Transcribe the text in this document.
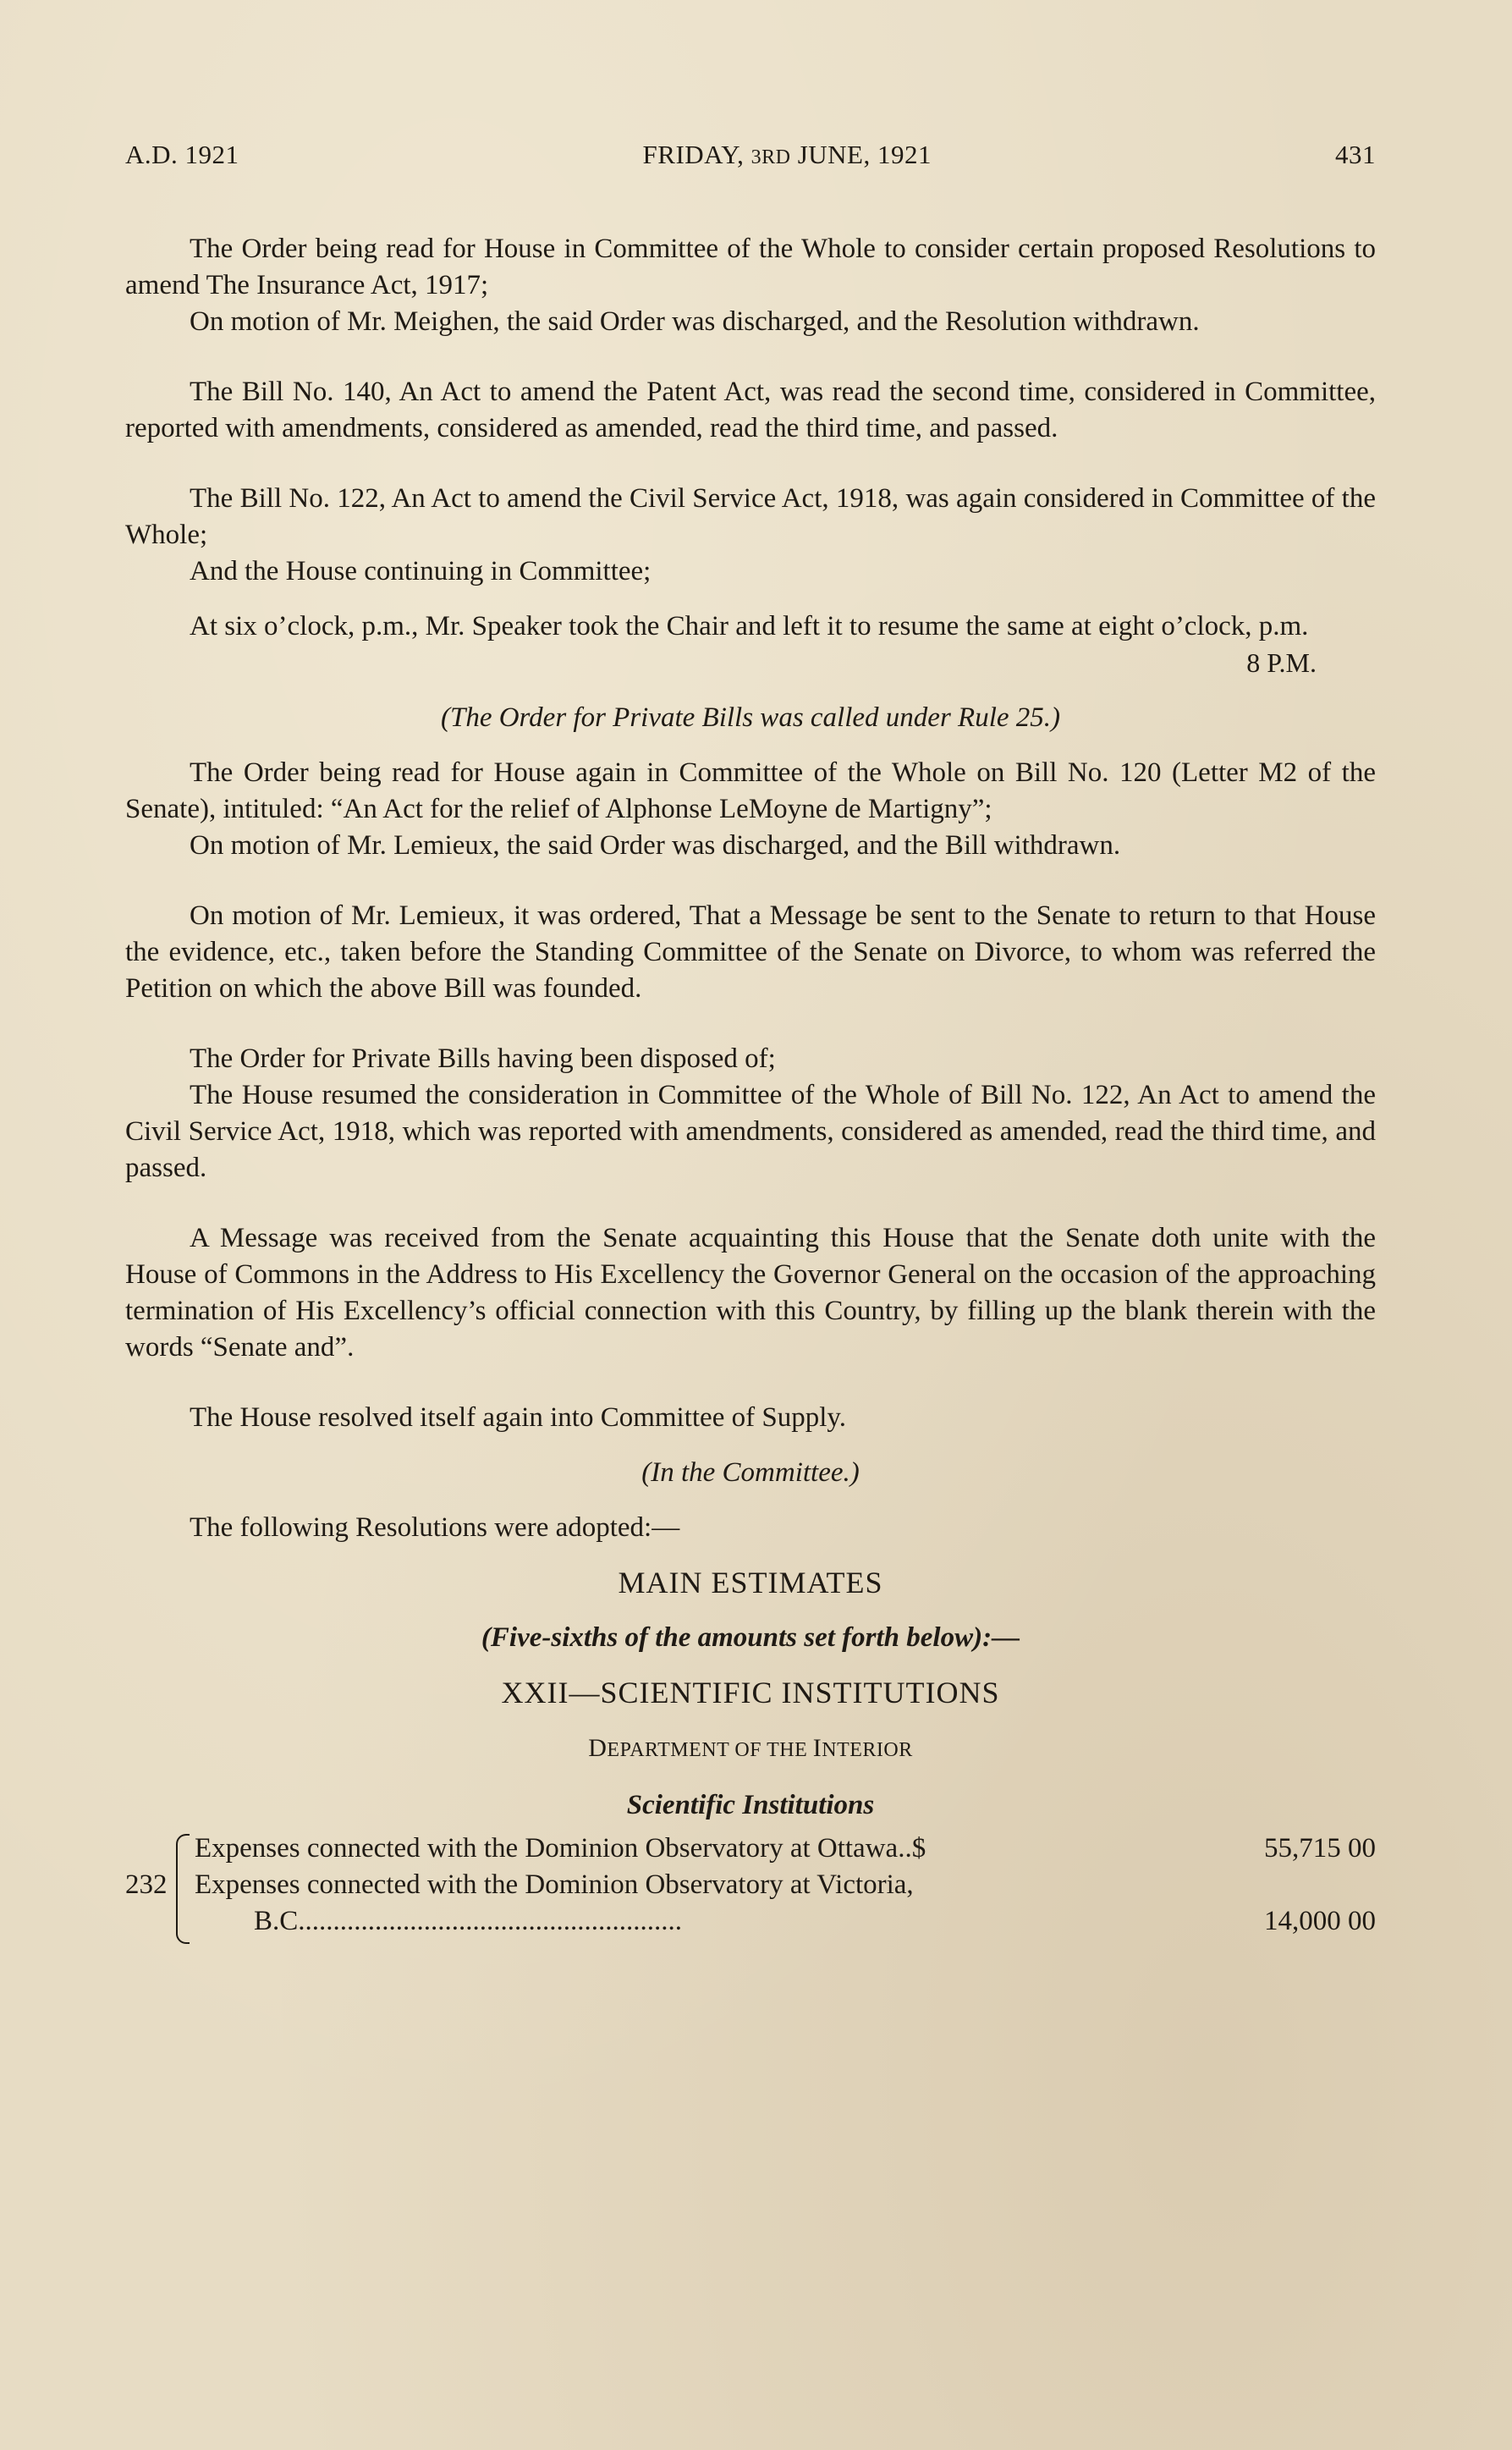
A.D. 1921	FRIDAY, 3RD JUNE, 1921	431

The Order being read for House in Committee of the Whole to consider certain proposed Resolutions to amend The Insurance Act, 1917;

On motion of Mr. Meighen, the said Order was discharged, and the Resolution withdrawn.

The Bill No. 140, An Act to amend the Patent Act, was read the second time, considered in Committee, reported with amendments, considered as amended, read the third time, and passed.

The Bill No. 122, An Act to amend the Civil Service Act, 1918, was again considered in Committee of the Whole;

And the House continuing in Committee;

At six o’clock, p.m., Mr. Speaker took the Chair and left it to resume the same at eight o’clock, p.m.

8 P.M.

(The Order for Private Bills was called under Rule 25.)

The Order being read for House again in Committee of the Whole on Bill No. 120 (Letter M2 of the Senate), intituled: “An Act for the relief of Alphonse LeMoyne de Martigny”;

On motion of Mr. Lemieux, the said Order was discharged, and the Bill withdrawn.

On motion of Mr. Lemieux, it was ordered, That a Message be sent to the Senate to return to that House the evidence, etc., taken before the Standing Committee of the Senate on Divorce, to whom was referred the Petition on which the above Bill was founded.

The Order for Private Bills having been disposed of;

The House resumed the consideration in Committee of the Whole of Bill No. 122, An Act to amend the Civil Service Act, 1918, which was reported with amendments, considered as amended, read the third time, and passed.

A Message was received from the Senate acquainting this House that the Senate doth unite with the House of Commons in the Address to His Excellency the Governor General on the occasion of the approaching termination of His Excellency’s official connection with this Country, by filling up the blank therein with the words “Senate and”.

The House resolved itself again into Committee of Supply.

(In the Committee.)

The following Resolutions were adopted:—

MAIN ESTIMATES

(Five-sixths of the amounts set forth below):—

XXII—SCIENTIFIC INSTITUTIONS

DEPARTMENT OF THE INTERIOR

Scientific Institutions

232
Expenses connected with the Dominion Observatory at Ottawa..$	55,715 00
Expenses connected with the Dominion Observatory at Victoria,
B.C.......................................................	14,000 00
